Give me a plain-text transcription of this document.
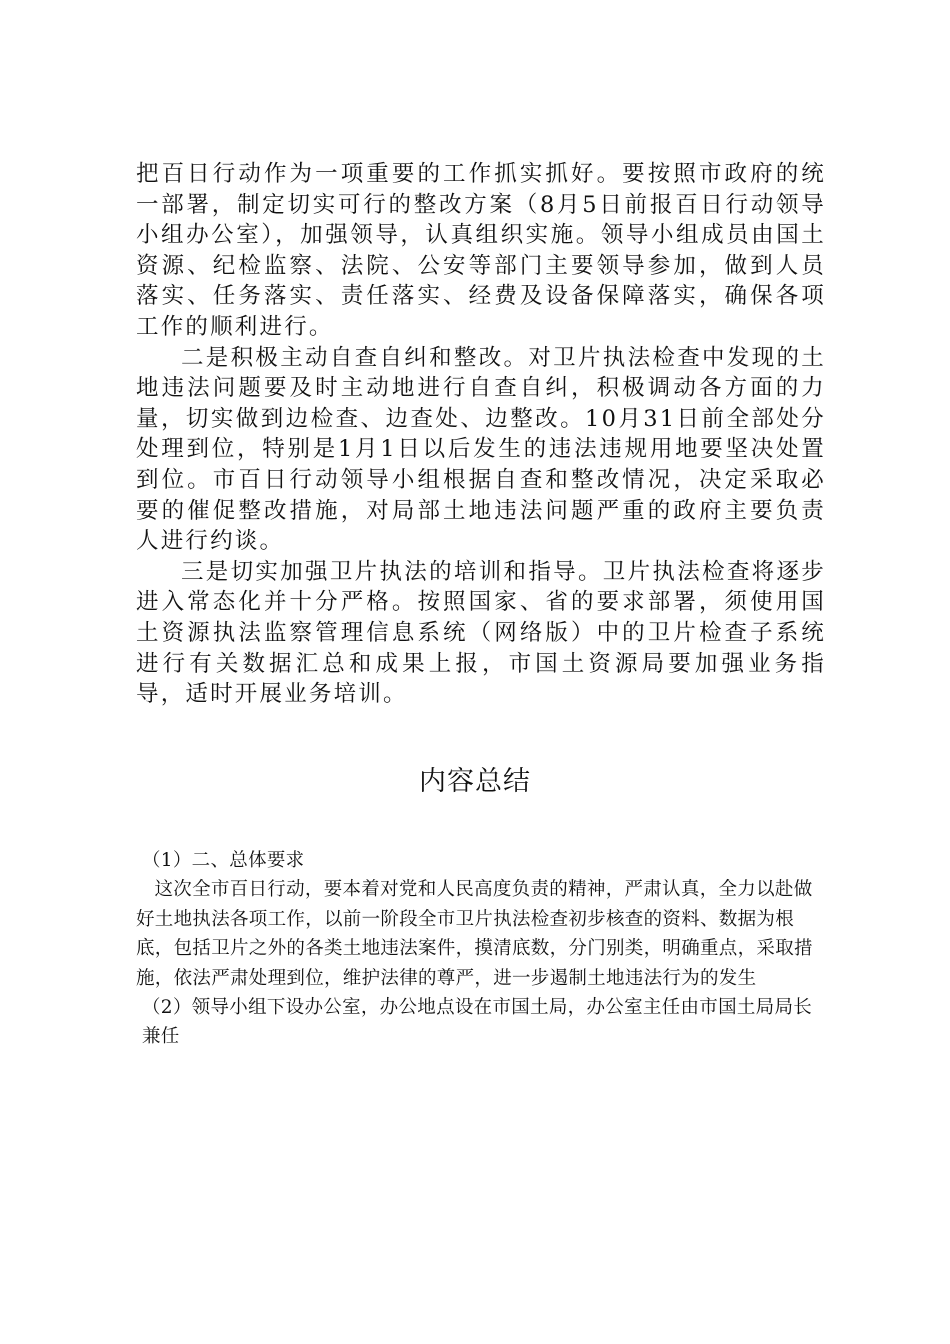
把百日行动作为一项重要的工作抓实抓好。要按照市政府的统一部署，制定切实可行的整改方案（8月5日前报百日行动领导小组办公室），加强领导，认真组织实施。领导小组成员由国土资源、纪检监察、法院、公安等部门主要领导参加，做到人员落实、任务落实、责任落实、经费及设备保障落实，确保各项工作的顺利进行。

二是积极主动自查自纠和整改。对卫片执法检查中发现的土地违法问题要及时主动地进行自查自纠，积极调动各方面的力量，切实做到边检查、边查处、边整改。10月31日前全部处分处理到位，特别是1月1日以后发生的违法违规用地要坚决处置到位。市百日行动领导小组根据自查和整改情况，决定采取必要的催促整改措施，对局部土地违法问题严重的政府主要负责人进行约谈。

三是切实加强卫片执法的培训和指导。卫片执法检查将逐步进入常态化并十分严格。按照国家、省的要求部署，须使用国土资源执法监察管理信息系统（网络版）中的卫片检查子系统进行有关数据汇总和成果上报，市国土资源局要加强业务指导，适时开展业务培训。

内容总结

（1）二、总体要求

这次全市百日行动，要本着对党和人民高度负责的精神，严肃认真，全力以赴做好土地执法各项工作，以前一阶段全市卫片执法检查初步核查的资料、数据为根底，包括卫片之外的各类土地违法案件，摸清底数，分门别类，明确重点，采取措施，依法严肃处理到位，维护法律的尊严，进一步遏制土地违法行为的发生

（2）领导小组下设办公室，办公地点设在市国土局，办公室主任由市国土局局长兼任
